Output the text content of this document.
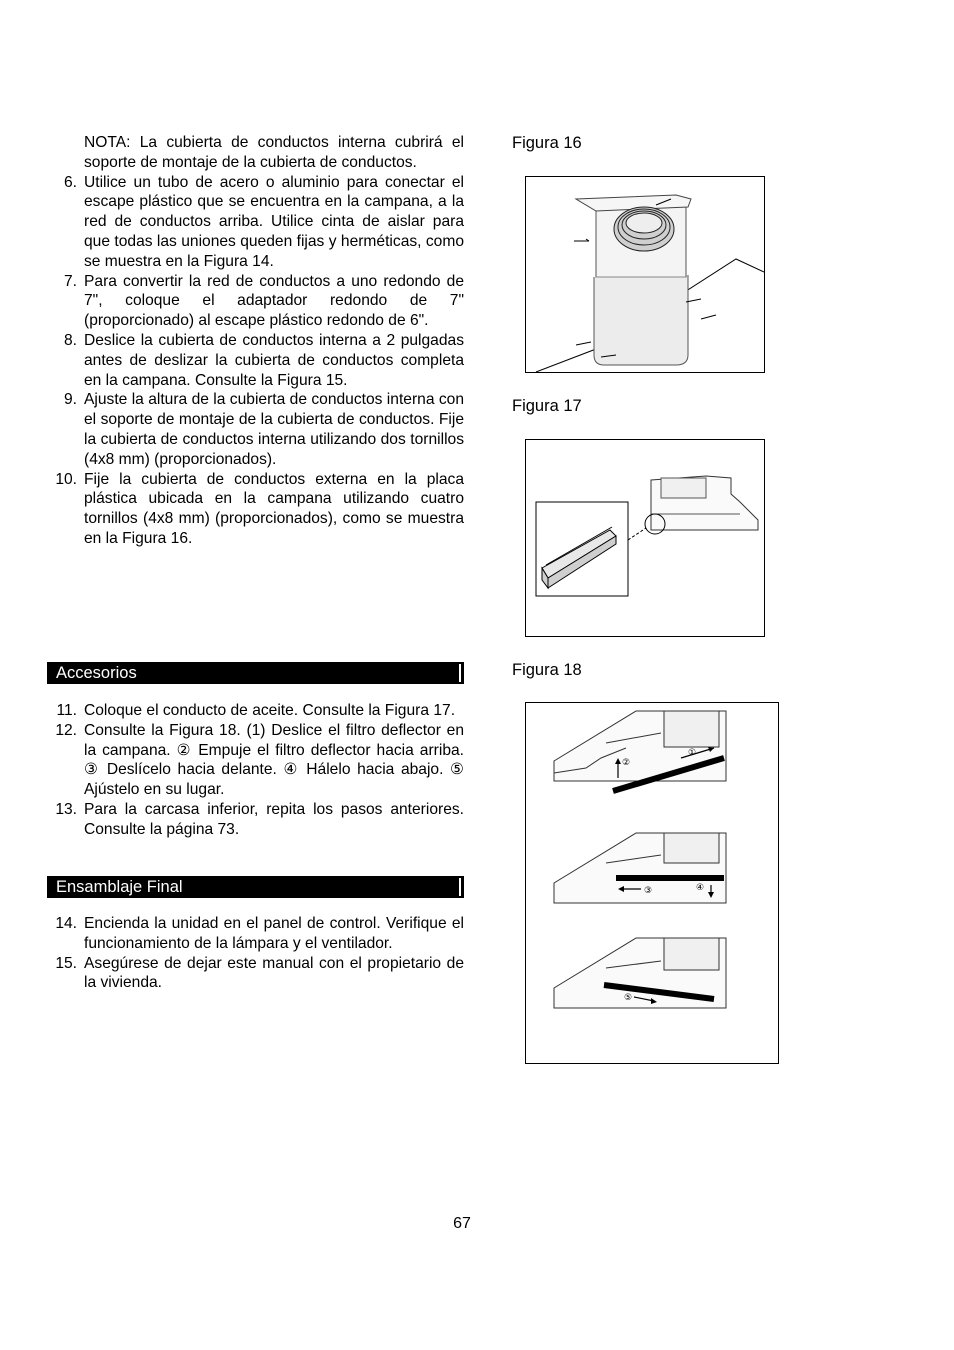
NOTA: La cubierta de conductos interna cubrirá el soporte de montaje de la cubierta de conductos.
6. Utilice un tubo de acero o aluminio para conectar el escape plástico que se encuentra en la campana, a la red de conductos arriba. Utilice cinta de aislar para que todas las uniones queden fijas y herméticas, como se muestra en la Figura 14.
7. Para convertir la red de conductos a uno redondo de 7", coloque el adaptador redondo de 7" (proporcionado) al escape plástico redondo de 6".
8. Deslice la cubierta de conductos interna a 2 pulgadas antes de deslizar la cubierta de conductos completa en la campana. Consulte la Figura 15.
9. Ajuste la altura de la cubierta de conductos interna con el soporte de montaje de la cubierta de conductos. Fije la cubierta de conductos interna utilizando dos tornillos (4x8 mm) (proporcionados).
10. Fije la cubierta de conductos externa en la placa plástica ubicada en la campana utilizando cuatro tornillos (4x8 mm) (proporcionados), como se muestra en la Figura 16.
Accesorios
11. Coloque el conducto de aceite. Consulte la Figura 17.
12. Consulte la Figura 18. (1) Deslice el filtro deflector en la campana. ② Empuje el filtro deflector hacia arriba. ③ Deslícelo hacia delante. ④ Hálelo hacia abajo. ⑤ Ajústelo en su lugar.
13. Para la carcasa inferior, repita los pasos anteriores. Consulte la página 73.
Ensamblaje Final
14. Encienda la unidad en el panel de control. Verifique el funcionamiento de la lámpara y el ventilador.
15. Asegúrese de dejar este manual con el propietario de la vivienda.
Figura 16
Figura 17
Figura 18
①
②
③	④
⑤
67
